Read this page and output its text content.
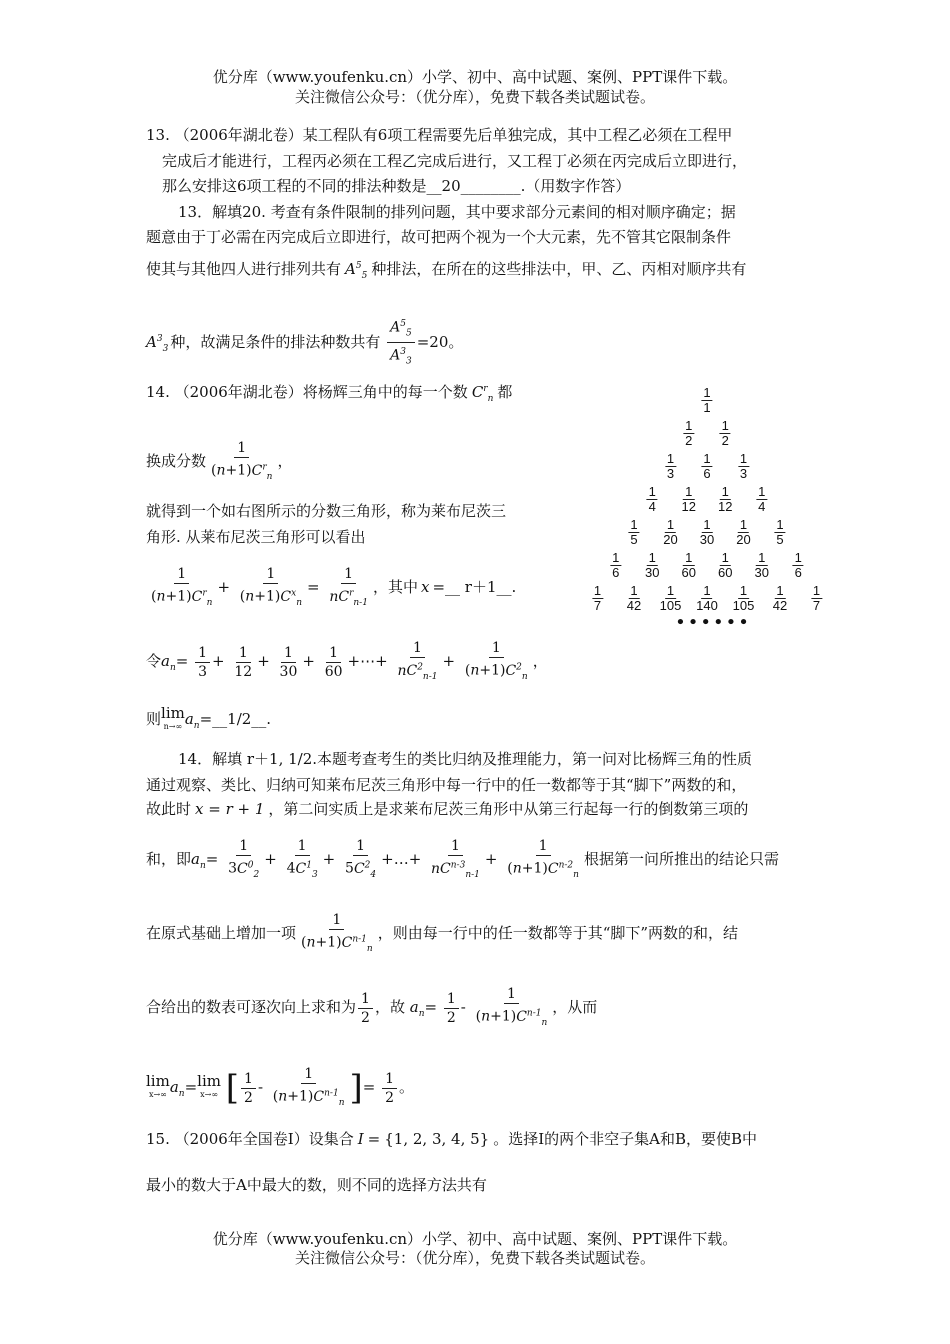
优分库（www.youfenku.cn）小学、初中、高中试题、案例、PPT课件下载。
关注微信公众号：（优分库），免费下载各类试题试卷。
13. （2006年湖北卷）某工程队有6项工程需要先后单独完成，其中工程乙必须在工程甲
完成后才能进行，工程丙必须在工程乙完成后进行，又工程丁必须在丙完成后立即进行，
那么安排这6项工程的不同的排法种数是__20________.（用数字作答）
13．解填20. 考查有条件限制的排列问题，其中要求部分元素间的相对顺序确定；据
题意由于丁必需在丙完成后立即进行，故可把两个视为一个大元素，先不管其它限制条件
使其与其他四人进行排列共有 $A^5_5$ 种排法，在所在的这些排法中，甲、乙、丙相对顺序共有
$A^3_3$ 种，故满足条件的排法种数共有 $\frac{A^5_5}{A^3_3} =20$。
14. （2006年湖北卷）将杨辉三角中的每一个数 $C^r_n$ 都
换成分数 $\frac{1}{(n+1)C^r_n}$ ，
就得到一个如右图所示的分数三角形，称为莱布尼茨三
角形. 从莱布尼茨三角形可以看出
$\frac{1}{(n+1)C^r_n} + \frac{1}{(n+1)C^x_n} = \frac{1}{nC^r_{n-1}}$ ，其中 x =__ r＋1__.
令$a_n= \frac{1}{3} + \frac{1}{12} + \frac{1}{30} + \frac{1}{60}$ +⋯+ $\frac{1}{nC^2_{n-1}} + \frac{1}{(n+1)C^2_n}$ ，
则 lim
n→∞ $a_n=\_\_1/2\_\_$.
14．解填 r＋1, 1/2.本题考查考生的类比归纳及推理能力，第一问对比杨辉三角的性质
通过观察、类比、归纳可知莱布尼茨三角形中每一行中的任一数都等于其“脚下”两数的和，
故此时 x = r + 1 ，第二问实质上是求莱布尼茨三角形中从第三行起每一行的倒数第三项的
和，即$a_n= \frac{1}{3C^0_2} + \frac{1}{4C^1_3} + \frac{1}{5C^2_4}$ +…+ $\frac{1}{nC^{n-3}_{n-1}} + \frac{1}{(n+1)C^{n-2}_n}$ 根据第一问所推出的结论只需
在原式基础上增加一项 $\frac{1}{(n+1)C^{n-1}_n}$ ，则由每一行中的任一数都等于其“脚下”两数的和，结
合给出的数表可逐次向上求和为 $\frac{1}{2}$ ，故 $a_n= \frac{1}{2} - \frac{1}{(n+1)C^{n-1}_n}$ ，从而
lim
x→∞ $a_n= \lim$
x→∞ [ $\frac{1}{2} - \frac{1}{(n+1)C^{n-1}_n}$ ]= $\frac{1}{2}$ 。
15. （2006年全国卷Ⅰ）设集合 I = {1, 2, 3, 4, 5} 。选择Ⅰ的两个非空子集A和B，要使B中
最小的数大于A中最大的数，则不同的选择方法共有
1
1
1
2
1
2
1
3
1
6
1
3
1
4
1
12
1
12
1
4
1
5
1
20
1
30
1
20
1
5
1
6
1
30
1
60
1
60
1
30
1
6
1
7
1
42
1
105
1
140
1
105
1
42
1
7
••••••
优分库（www.youfenku.cn）小学、初中、高中试题、案例、PPT课件下载。
关注微信公众号：（优分库），免费下载各类试题试卷。
